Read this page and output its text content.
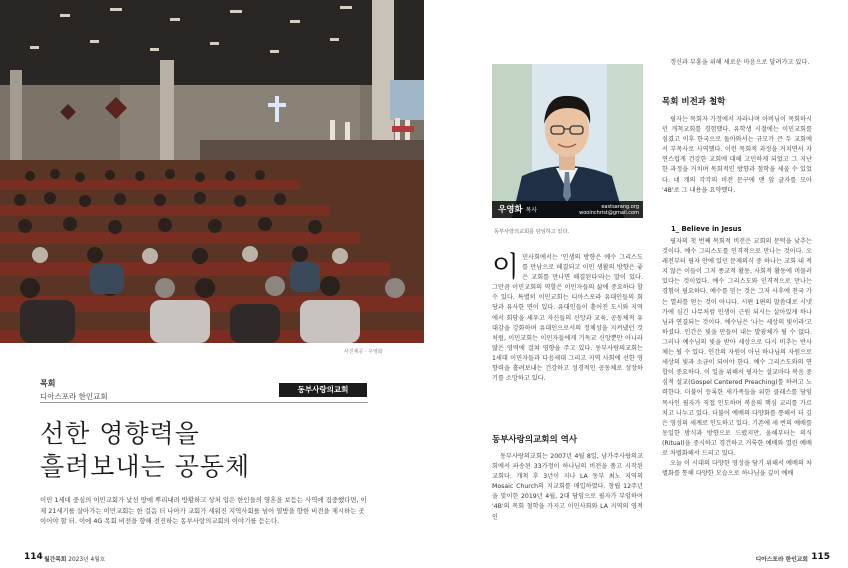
사진제공 · 우영화
목회
디아스포라 한인교회
동부사랑의교회
선한 영향력을
흘려보내는 공동체
이민 1세대 중심의 이민교회가 낯선 땅에 뿌리내려 방황하고 상처 입은 한인들의 영혼을 보듬는 사역에 집중했다면, 이제 21세기를 살아가는 이민교회는 한 걸음 더 나아가 교회가 세워진 지역사회를 넘어 열방을 향한 비전을 제시하는 곳이어야 할 터. 이에 4G 목회 비전을 향해 전진하는 동부사랑의교회의 이야기를 듣는다.
114 월간목회 2023년 4월호
우영화 목사	eastsarang.org
wooinchrist@gmail.com
동부사랑의교회를 담임하고 있다.

이민사회에서는 '인생의 방향은 예수 그리스도를 만남으로 해결되고 이민 생활의 방향은 좋은 교회를 만나면 해결된다'라는 말이 있다. 그만큼 이민교회의 역할은 이민자들의 삶에 중요하다 할 수 있다. 특별히 이민교회는 디아스포라 유대인들의 회당과 유사한 면이 있다. 유대인들이 흩어진 도시와 지역에서 회당을 세우고 자신들의 신앙과 교육, 공동체적 유대감을 강화하며 유대인으로서의 정체성을 지켜냈던 것처럼, 이민교회는 이민자들에게 기독교 신앙뿐만 아니라 많은 영역에 걸쳐 영향을 주고 있다. 동부사랑의교회는 1세대 이민자들과 다음세대 그리고 지역 사회에 선한 영향력을 흘려보내는 건강하고 성경적인 공동체로 성장하기를 소망하고 있다.

동부사랑의교회의 역사

동부사랑의교회는 2007년 4월 8일, 남가주사랑의교회에서 파송된 33가정이 하나님의 비전을 품고 시작된 교회다. 개척 후 3년이 지나 LA 동부 최노 지역의 Mosaic Church의 지교회를 매입하였다. 창립 12주년을 맞이한 2019년 4월, 2대 담임으로 필자가 부임하여 '4B'의 목회 철학을 가지고 이민사회와 LA 지역의 영적인

갱신과 부흥을 위해 새로운 마음으로 달려가고 있다.

목회 비전과 철학

필자는 목회자 가정에서 자라나며 아버님이 목회하시던 개척교회를 경험했다. 유학생 시절에는 이민교회를 섬겼고 이후 한국으로 돌아와서는 규모가 큰 두 교회에서 부목사로 사역했다. 이런 목회적 과정을 거치면서 자연스럽게 건강한 교회에 대해 고민하게 되었고 그 지난한 과정을 거치며 목회적인 방향과 철학을 세울 수 있었다. 네 개의 각각의 비전 문구에 맨 앞 글자를 모아 '4B'로 그 내용을 요약했다.

1_ Believe in Jesus

필자의 첫 번째 목회적 비전은 교회의 문턱을 낮추는 것이다. 예수 그리스도를 인격적으로 만나는 것이다. 오래전부터 필자 안에 있던 문제의식 중 하나는 교회 내 적지 않은 이들이 그저 종교적 활동, 사회적 활동에 머물러 있다는 것이었다. 예수 그리스도와 인격적으로 만나는 경험이 필요하다. 예수를 믿는 것은 그저 사후에 천국 가는 열쇠를 얻는 것이 아니다. 시편 1편의 말씀대로 시냇가에 심긴 나무처럼 인생이 근원 되시는 살아있게 하나님과 연결되는 것이다. 예수님은 '나는 세상의 빛이라'고 하셨다. 인간은 빛을 만들어 내는 발광체가 될 수 없다. 그러나 예수님의 빛을 받아 세상으로 다시 비추는 반사체는 될 수 있다. 인간의 자원이 아닌 하나님의 자원으로 세상의 빛과 소금이 되어야 한다. 예수 그리스도와의 연합이 중요하다. 이 일을 위해서 필자는 설교마다 복음 중심적 설교(Gospel Centered Preaching)를 하려고 노력한다. 더불어 등록한 새가족들을 위한 클래스를 담임목사인 필자가 직접 인도하며 복음의 핵심 교리를 가르치고 나누고 있다. 더불어 예배의 다양화를 통해서 더 깊은 영성의 세계로 인도하고 있다. 기존에 세 번의 예배를 동일한 방식과 방향으로 드렸지만, 올해부터는 의식(Ritual)을 중시하고 경건하고 거룩한 예배와 열린 예배로 차별화해서 드리고 있다.

오늘 이 시대의 다양한 영성을 담기 위해서 예배의 차별화를 통해 다양한 모습으로 하나님을 깊이 예배

디아스포라 한인교회 115
